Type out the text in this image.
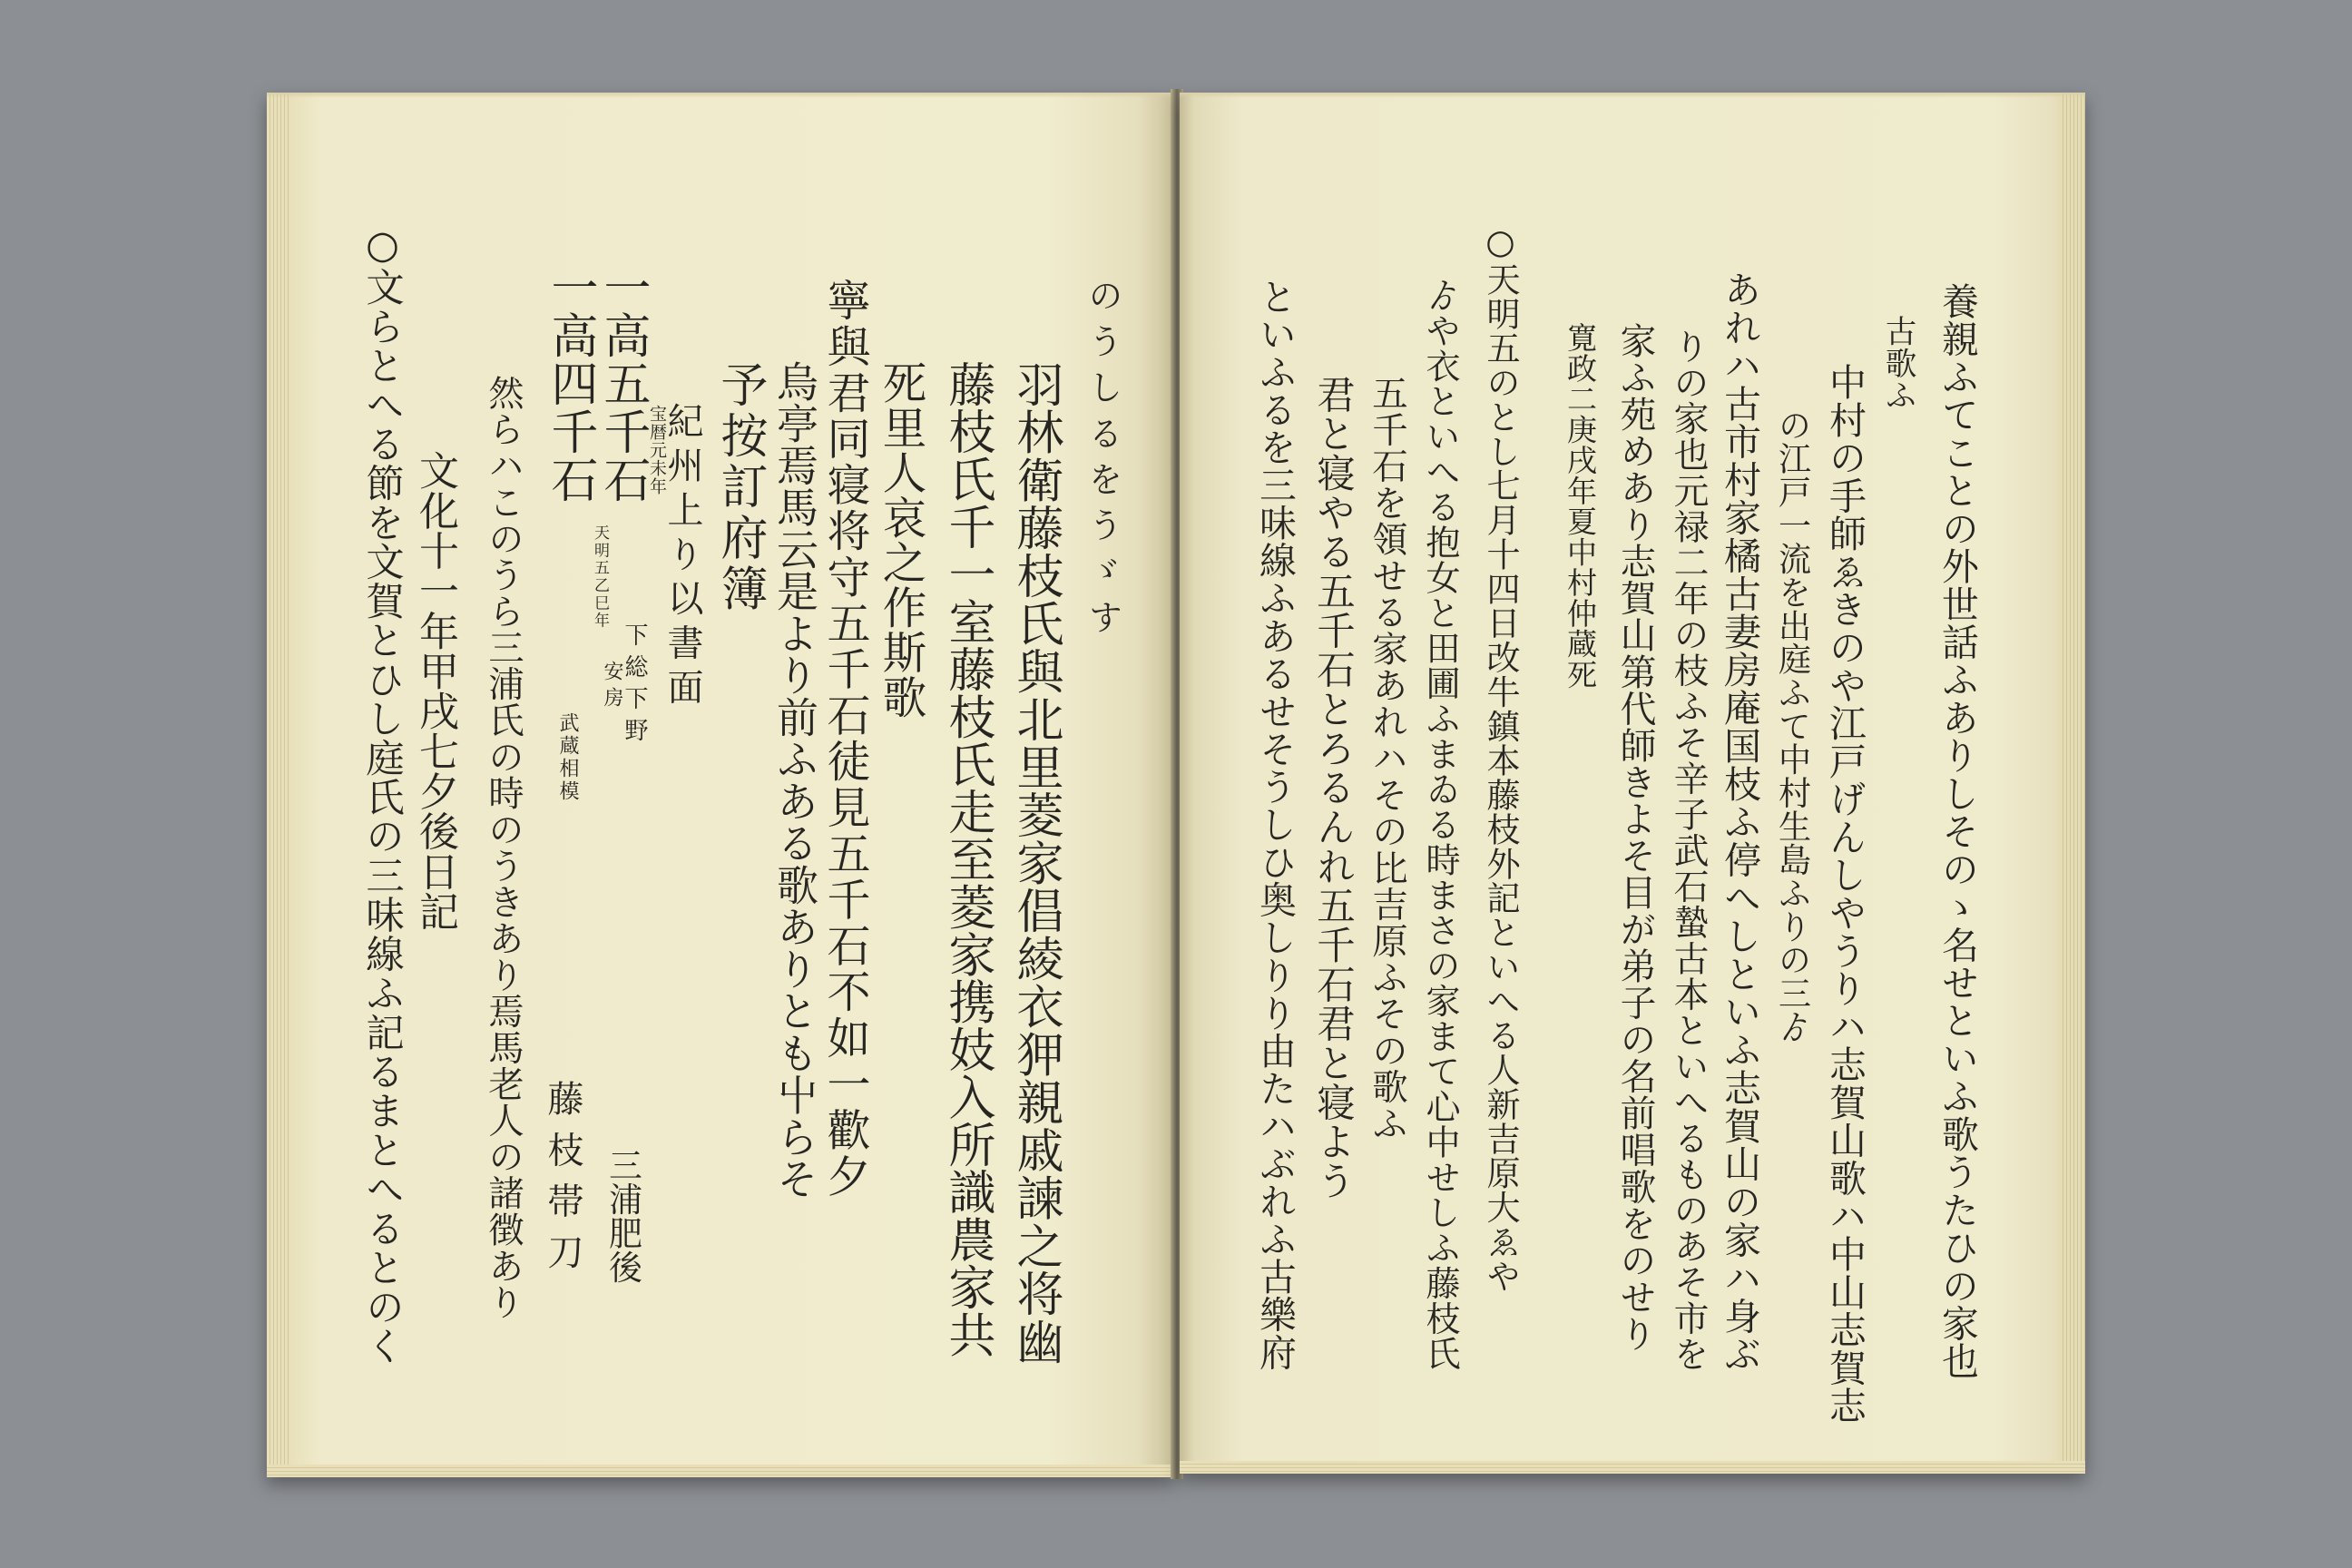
のうしるをうゞす
羽林衛藤枝氏與北里菱家倡綾衣狎親戚諫之将幽
藤枝氏千一室藤枝氏走至菱家携妓入所識農家共
死里人哀之作斯歌
寧與君同寝将守五千石徒見五千石不如一歡夕
烏亭焉馬云是より前ふある歌ありとも屮らそ
予按訂府簿
一高五千石
一高四千石
然らハこのうら三浦氏の時のうきあり焉馬老人の諸徴あり
文化十一年甲戌七夕後日記
○文らとへる節を文賀とひし庭氏の三味線ふ記るまとへるとのく	宝暦元未年
紀州上り以書面
天明五乙巳年
下総下野
安房
武蔵相模
三浦肥後
藤枝帯刀	養親ふてことの外世話ふありしそのゝ名せといふ歌うたひの家也
古歌ふ
中村の手師ゑきのや江戸げんしやうりハ志賀山歌ハ中山志賀志
の江戸一流を出庭ふて中村生島ふりの三ゟ
あれハ古市村家橘古妻房庵国枝ふ停へしといふ志賀山の家ハ身ぶ
りの家也元禄二年の枝ふそ辛子武石蟄古本といへるものあそ市を
家ふ苑めあり志賀山第代師きよそ目が弟子の名前唱歌をのせり
寛政二庚戌年夏中村仲蔵死
○天明五のとし七月十四日改牛鎮本藤枝外記といへる人新吉原大ゑや
ゟや衣といへる抱女と田圃ふまゐる時まさの家まて心中せしふ藤枝氏
五千石を領せる家あれハその比吉原ふその歌ふ
君と寝やる五千石とろるんれ五千石君と寝よう
といふるを三味線ふあるせそうしひ奥しりり由たハぶれふ古樂府
